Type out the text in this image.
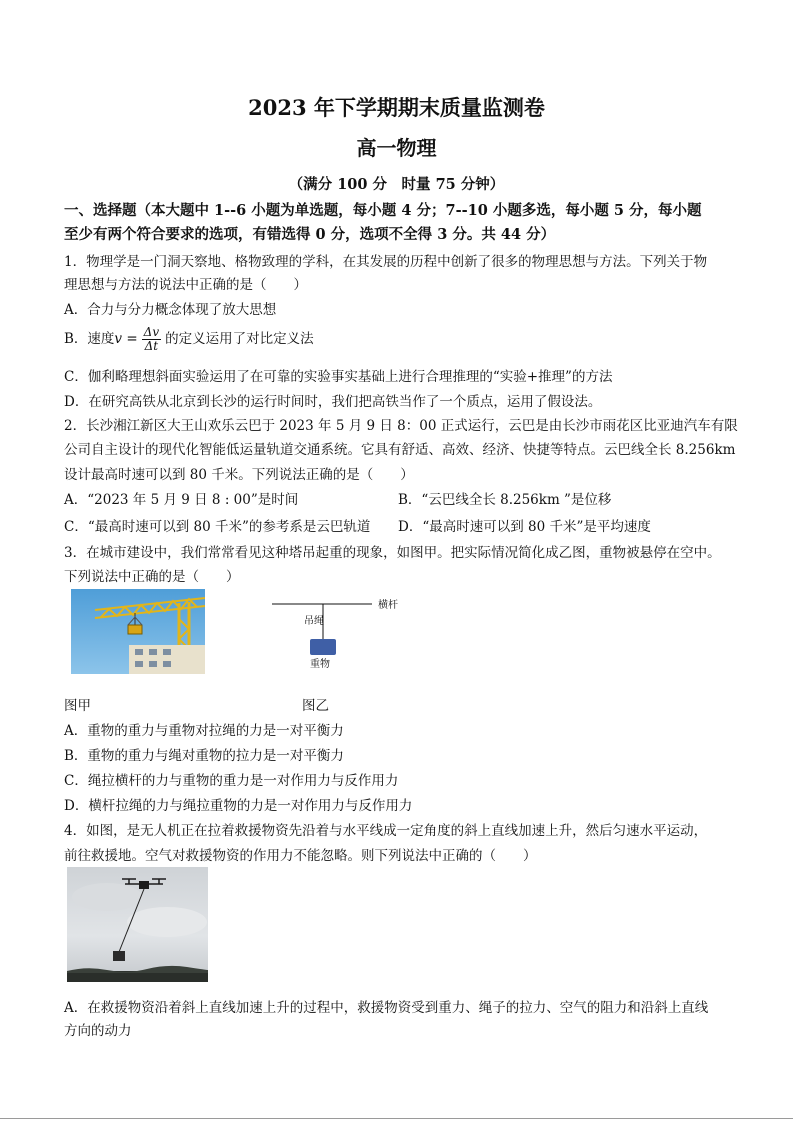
2023 年下学期期末质量监测卷
高一物理
（满分 100 分　时量 75 分钟）
一、选择题（本大题中 1--6 小题为单选题，每小题 4 分；7--10 小题多选，每小题 5 分，每小题
至少有两个符合要求的选项，有错选得 0 分，选项不全得 3 分。共 44 分）
1．物理学是一门洞天察地、格物致理的学科，在其发展的历程中创新了很多的物理思想与方法。下列关于物
理思想与方法的说法中正确的是（　　）
A．合力与分力概念体现了放大思想
B．速度$v = \frac{\Delta v}{\Delta t}$ 的定义运用了对比定义法
C．伽利略理想斜面实验运用了在可靠的实验事实基础上进行合理推理的“实验+推理”的方法
D．在研究高铁从北京到长沙的运行时间时，我们把高铁当作了一个质点，运用了假设法。
2．长沙湘江新区大王山欢乐云巴于 2023 年 5 月 9 日 8：00 正式运行，云巴是由长沙市雨花区比亚迪汽车有限
公司自主设计的现代化智能低运量轨道交通系统。它具有舒适、高效、经济、快捷等特点。云巴线全长 8.256km
设计最高时速可以到 80 千米。下列说法正确的是（　　）
A．“2023 年 5 月 9 日 8 : 00”是时间	B．“云巴线全长 8.256km ”是位移
C．“最高时速可以到 80 千米”的参考系是云巴轨道 D．“最高时速可以到 80 千米”是平均速度
3．在城市建设中，我们常常看见这种塔吊起重的现象，如图甲。把实际情况简化成乙图，重物被悬停在空中。
下列说法中正确的是（　　）
横杆
吊绳
重物
图甲	图乙
A．重物的重力与重物对拉绳的力是一对平衡力
B．重物的重力与绳对重物的拉力是一对平衡力
C．绳拉横杆的力与重物的重力是一对作用力与反作用力
D．横杆拉绳的力与绳拉重物的力是一对作用力与反作用力
4．如图，是无人机正在拉着救援物资先沿着与水平线成一定角度的斜上直线加速上升，然后匀速水平运动，
前往救援地。空气对救援物资的作用力不能忽略。则下列说法中正确的（　　）
A．在救援物资沿着斜上直线加速上升的过程中，救援物资受到重力、绳子的拉力、空气的阻力和沿斜上直线
方向的动力
